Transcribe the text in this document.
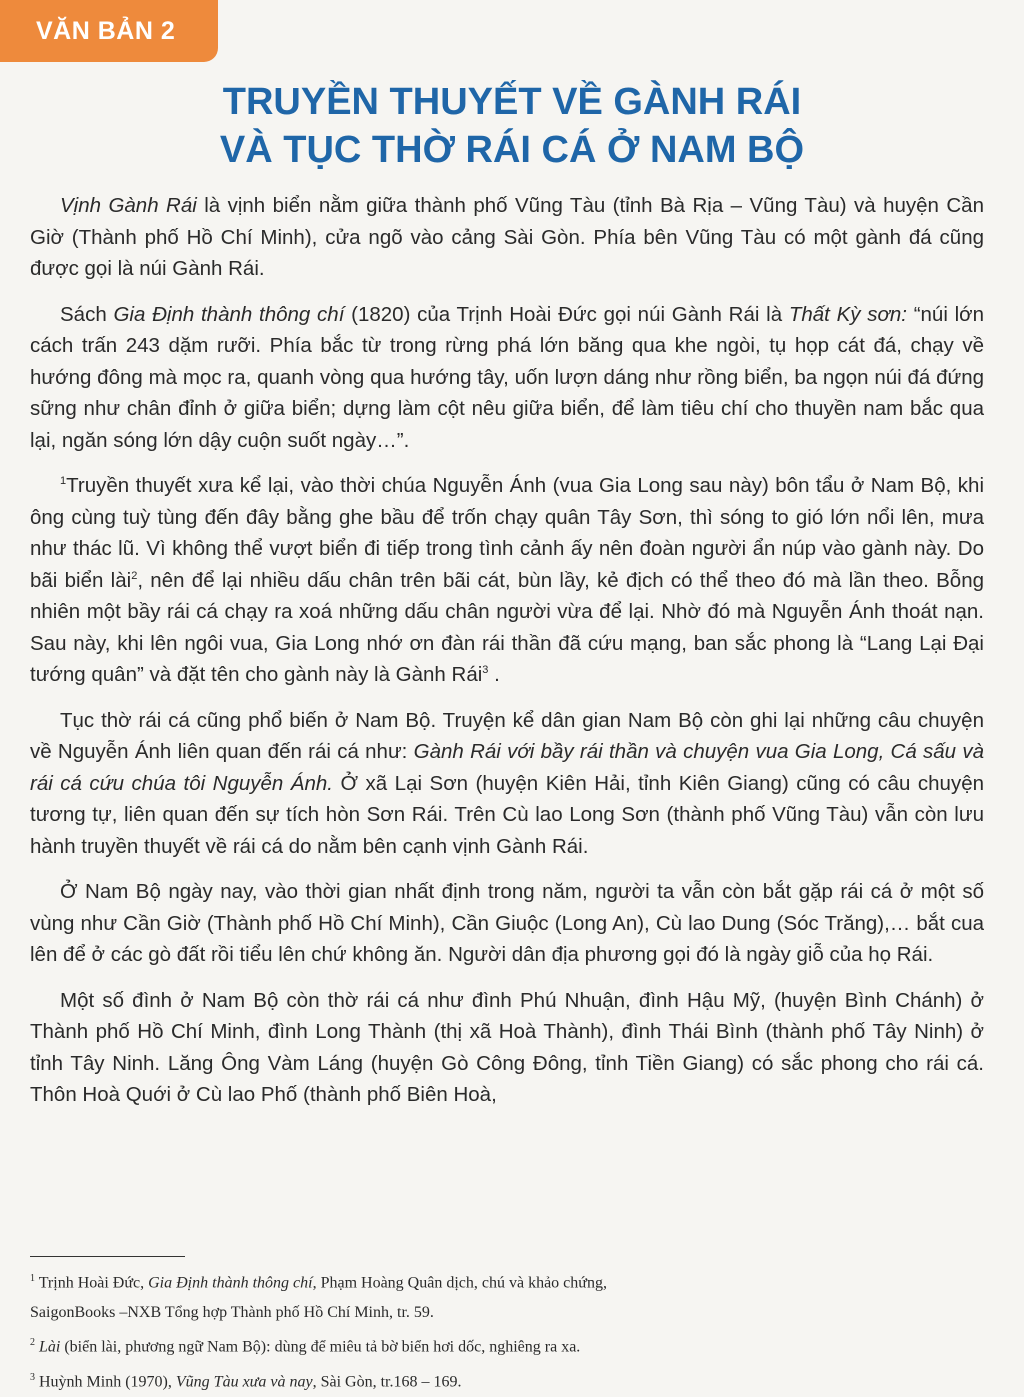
VĂN BẢN 2
TRUYỀN THUYẾT VỀ GÀNH RÁI
VÀ TỤC THỜ RÁI CÁ Ở NAM BỘ

Vịnh Gành Rái là vịnh biển nằm giữa thành phố Vũng Tàu (tỉnh Bà Rịa – Vũng Tàu) và huyện Cần Giờ (Thành phố Hồ Chí Minh), cửa ngõ vào cảng Sài Gòn. Phía bên Vũng Tàu có một gành đá cũng được gọi là núi Gành Rái.

Sách Gia Định thành thông chí (1820) của Trịnh Hoài Đức gọi núi Gành Rái là Thất Kỳ sơn: “núi lớn cách trấn 243 dặm rưỡi. Phía bắc từ trong rừng phá lớn băng qua khe ngòi, tụ họp cát đá, chạy về hướng đông mà mọc ra, quanh vòng qua hướng tây, uốn lượn dáng như rồng biển, ba ngọn núi đá đứng sững như chân đỉnh ở giữa biển; dựng làm cột nêu giữa biển, để làm tiêu chí cho thuyền nam bắc qua lại, ngăn sóng lớn dậy cuộn suốt ngày…”.

$^1$Truyền thuyết xưa kể lại, vào thời chúa Nguyễn Ánh (vua Gia Long sau này) bôn tẩu ở Nam Bộ, khi ông cùng tuỳ tùng đến đây bằng ghe bầu để trốn chạy quân Tây Sơn, thì sóng to gió lớn nổi lên, mưa như thác lũ. Vì không thể vượt biển đi tiếp trong tình cảnh ấy nên đoàn người ẩn núp vào gành này. Do bãi biển lài$^2$, nên để lại nhiều dấu chân trên bãi cát, bùn lầy, kẻ địch có thể theo đó mà lần theo. Bỗng nhiên một bầy rái cá chạy ra xoá những dấu chân người vừa để lại. Nhờ đó mà Nguyễn Ánh thoát nạn. Sau này, khi lên ngôi vua, Gia Long nhớ ơn đàn rái thần đã cứu mạng, ban sắc phong là “Lang Lại Đại tướng quân” và đặt tên cho gành này là Gành Rái$^3$ .

Tục thờ rái cá cũng phổ biến ở Nam Bộ. Truyện kể dân gian Nam Bộ còn ghi lại những câu chuyện về Nguyễn Ánh liên quan đến rái cá như: Gành Rái với bầy rái thần và chuyện vua Gia Long, Cá sấu và rái cá cứu chúa tôi Nguyễn Ánh. Ở xã Lại Sơn (huyện Kiên Hải, tỉnh Kiên Giang) cũng có câu chuyện tương tự, liên quan đến sự tích hòn Sơn Rái. Trên Cù lao Long Sơn (thành phố Vũng Tàu) vẫn còn lưu hành truyền thuyết về rái cá do nằm bên cạnh vịnh Gành Rái.

Ở Nam Bộ ngày nay, vào thời gian nhất định trong năm, người ta vẫn còn bắt gặp rái cá ở một số vùng như Cần Giờ (Thành phố Hồ Chí Minh), Cần Giuộc (Long An), Cù lao Dung (Sóc Trăng),… bắt cua lên để ở các gò đất rồi tiểu lên chứ không ăn. Người dân địa phương gọi đó là ngày giỗ của họ Rái.

Một số đình ở Nam Bộ còn thờ rái cá như đình Phú Nhuận, đình Hậu Mỹ, (huyện Bình Chánh) ở Thành phố Hồ Chí Minh, đình Long Thành (thị xã Hoà Thành), đình Thái Bình (thành phố Tây Ninh) ở tỉnh Tây Ninh. Lăng Ông Vàm Láng (huyện Gò Công Đông, tỉnh Tiền Giang) có sắc phong cho rái cá. Thôn Hoà Quới ở Cù lao Phố (thành phố Biên Hoà,

$^1$ Trịnh Hoài Đức, Gia Định thành thông chí, Phạm Hoàng Quân dịch, chú và khảo chứng,
SaigonBooks –NXB Tổng hợp Thành phố Hồ Chí Minh, tr. 59.
$^2$ Lài (biển lài, phương ngữ Nam Bộ): dùng để miêu tả bờ biển hơi dốc, nghiêng ra xa.
$^3$ Huỳnh Minh (1970), Vũng Tàu xưa và nay, Sài Gòn, tr.168 – 169.
